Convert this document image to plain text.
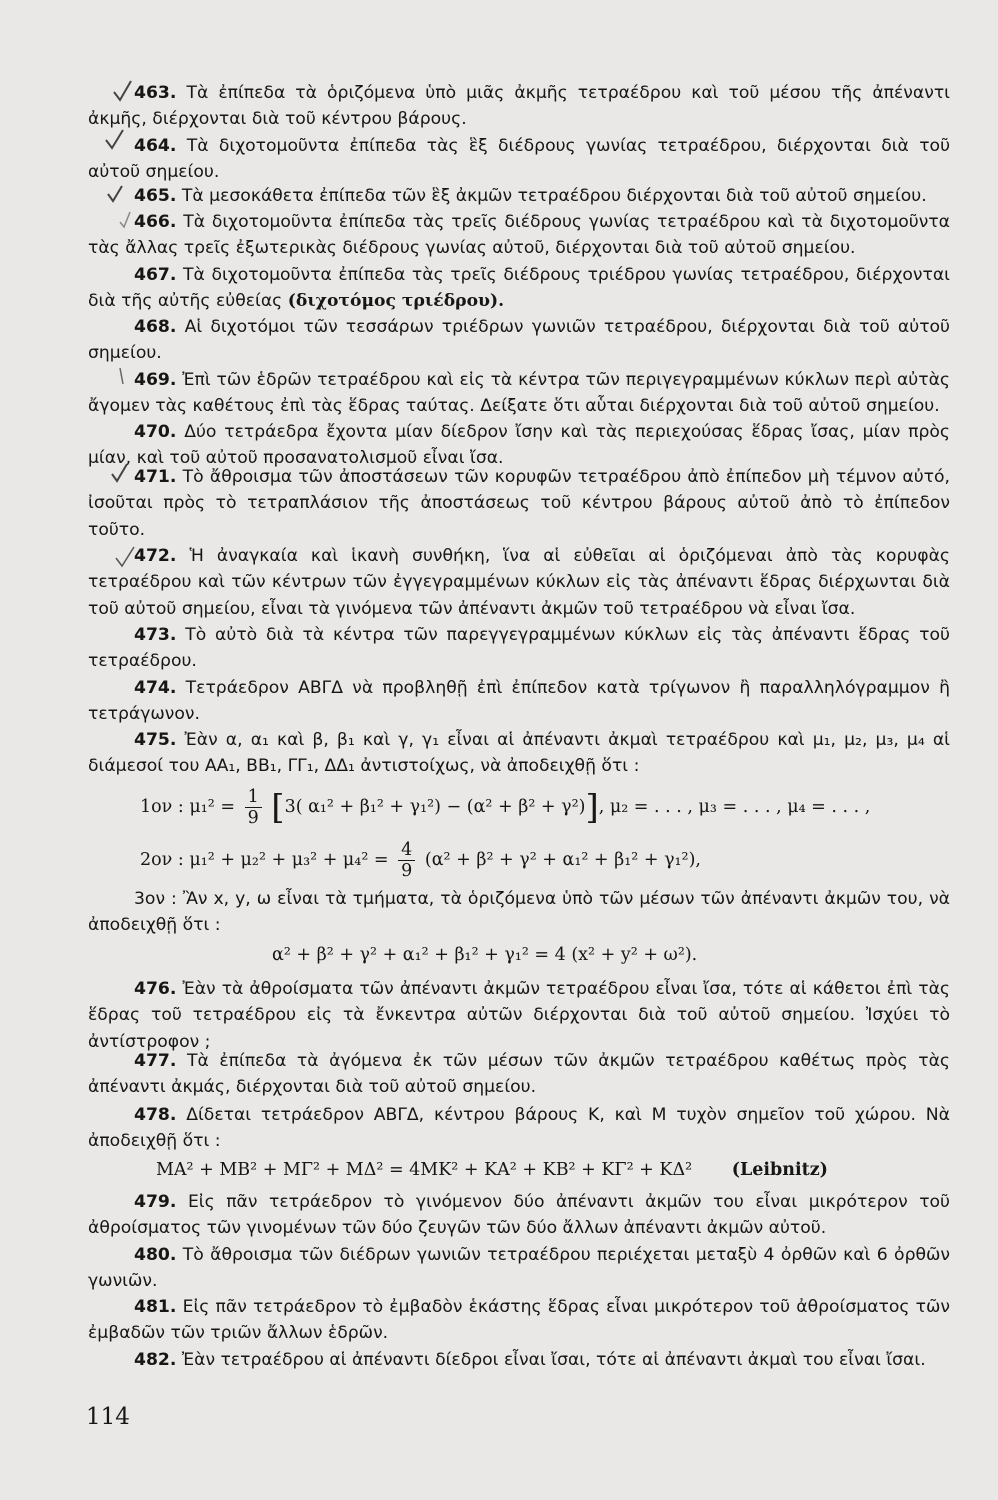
463. Τὰ ἐπίπεδα τὰ ὁριζόμενα ὑπὸ μιᾶς ἀκμῆς τετραέδρου καὶ τοῦ μέσου τῆς ἀπέναντι ἀκμῆς, διέρχονται διὰ τοῦ κέντρου βάρους.

464. Τὰ διχοτομοῦντα ἐπίπεδα τὰς ἓξ διέδρους γωνίας τετραέδρου, διέρχονται διὰ τοῦ αὐτοῦ σημείου.

465. Τὰ μεσοκάθετα ἐπίπεδα τῶν ἓξ ἀκμῶν τετραέδρου διέρχονται διὰ τοῦ αὐτοῦ σημείου.

466. Τὰ διχοτομοῦντα ἐπίπεδα τὰς τρεῖς διέδρους γωνίας τετραέδρου καὶ τὰ διχοτομοῦντα τὰς ἄλλας τρεῖς ἐξωτερικὰς διέδρους γωνίας αὐτοῦ, διέρχονται διὰ τοῦ αὐτοῦ σημείου.

467. Τὰ διχοτομοῦντα ἐπίπεδα τὰς τρεῖς διέδρους τριέδρου γωνίας τετραέδρου, διέρχονται διὰ τῆς αὐτῆς εὐθείας (διχοτόμος τριέδρου).

468. Αἱ διχοτόμοι τῶν τεσσάρων τριέδρων γωνιῶν τετραέδρου, διέρχονται διὰ τοῦ αὐτοῦ σημείου.

469. Ἐπὶ τῶν ἑδρῶν τετραέδρου καὶ εἰς τὰ κέντρα τῶν περιγεγραμμένων κύκλων περὶ αὐτὰς ἄγομεν τὰς καθέτους ἐπὶ τὰς ἕδρας ταύτας. Δείξατε ὅτι αὗται διέρχονται διὰ τοῦ αὐτοῦ σημείου.

470. Δύο τετράεδρα ἔχοντα μίαν δίεδρον ἴσην καὶ τὰς περιεχούσας ἕδρας ἴσας, μίαν πρὸς μίαν, καὶ τοῦ αὐτοῦ προσανατολισμοῦ εἶναι ἴσα.

471. Τὸ ἄθροισμα τῶν ἀποστάσεων τῶν κορυφῶν τετραέδρου ἀπὸ ἐπίπεδον μὴ τέμνον αὐτό, ἰσοῦται πρὸς τὸ τετραπλάσιον τῆς ἀποστάσεως τοῦ κέντρου βάρους αὐτοῦ ἀπὸ τὸ ἐπίπεδον τοῦτο.

472. Ἡ ἀναγκαία καὶ ἱκανὴ συνθήκη, ἵνα αἱ εὐθεῖαι αἱ ὁριζόμεναι ἀπὸ τὰς κορυφὰς τετραέδρου καὶ τῶν κέντρων τῶν ἐγγεγραμμένων κύκλων εἰς τὰς ἀπέναντι ἕδρας διέρχωνται διὰ τοῦ αὐτοῦ σημείου, εἶναι τὰ γινόμενα τῶν ἀπέναντι ἀκμῶν τοῦ τετραέδρου νὰ εἶναι ἴσα.

473. Τὸ αὐτὸ διὰ τὰ κέντρα τῶν παρεγγεγραμμένων κύκλων εἰς τὰς ἀπέναντι ἕδρας τοῦ τετραέδρου.

474. Τετράεδρον ΑΒΓΔ νὰ προβληθῇ ἐπὶ ἐπίπεδον κατὰ τρίγωνον ἢ παραλληλόγραμμον ἢ τετράγωνον.

475. Ἐὰν α, α₁ καὶ β, β₁ καὶ γ, γ₁ εἶναι αἱ ἀπέναντι ἀκμαὶ τετραέδρου καὶ μ₁, μ₂, μ₃, μ₄ αἱ διάμεσοί του ΑΑ₁, ΒΒ₁, ΓΓ₁, ΔΔ₁ ἀντιστοίχως, νὰ ἀποδειχθῇ ὅτι :

1ον : $\mu_1^2 = \frac{1}{9} [3$( α₁² + β₁² + γ₁²) − (α² + β² + γ²)], μ₂ = . . . , μ₃ = . . . , μ₄ = . . . ,
2ον : $\mu_1^2 + \mu_2^2 + \mu_3^2 + \mu_4^2 = \frac{4}{9} (\alpha^2 + \beta^2 + \gamma^2 + \alpha_1^2 + \beta_1^2 + \gamma_1^2)$,

3ον : Ἂν x, y, ω εἶναι τὰ τμήματα, τὰ ὁριζόμενα ὑπὸ τῶν μέσων τῶν ἀπέναντι ἀκμῶν του, νὰ ἀποδειχθῇ ὅτι :

α² + β² + γ² + α₁² + β₁² + γ₁² = 4 (x² + y² + ω²).

476. Ἐὰν τὰ ἀθροίσματα τῶν ἀπέναντι ἀκμῶν τετραέδρου εἶναι ἴσα, τότε αἱ κάθετοι ἐπὶ τὰς ἕδρας τοῦ τετραέδρου εἰς τὰ ἔνκεντρα αὐτῶν διέρχονται διὰ τοῦ αὐτοῦ σημείου. Ἰσχύει τὸ ἀντίστροφον ;

477. Τὰ ἐπίπεδα τὰ ἀγόμενα ἐκ τῶν μέσων τῶν ἀκμῶν τετραέδρου καθέτως πρὸς τὰς ἀπέναντι ἀκμάς, διέρχονται διὰ τοῦ αὐτοῦ σημείου.

478. Δίδεται τετράεδρον ΑΒΓΔ, κέντρου βάρους Κ, καὶ Μ τυχὸν σημεῖον τοῦ χώρου. Νὰ ἀποδειχθῇ ὅτι :

ΜΑ² + ΜΒ² + ΜΓ² + ΜΔ² = 4ΜΚ² + ΚΑ² + ΚΒ² + ΚΓ² + ΚΔ² (Leibnitz)

479. Εἰς πᾶν τετράεδρον τὸ γινόμενον δύο ἀπέναντι ἀκμῶν του εἶναι μικρότερον τοῦ ἀθροίσματος τῶν γινομένων τῶν δύο ζευγῶν τῶν δύο ἄλλων ἀπέναντι ἀκμῶν αὐτοῦ.

480. Τὸ ἄθροισμα τῶν διέδρων γωνιῶν τετραέδρου περιέχεται μεταξὺ 4 ὀρθῶν καὶ 6 ὀρθῶν γωνιῶν.

481. Εἰς πᾶν τετράεδρον τὸ ἐμβαδὸν ἑκάστης ἕδρας εἶναι μικρότερον τοῦ ἀθροίσματος τῶν ἐμβαδῶν τῶν τριῶν ἄλλων ἑδρῶν.

482. Ἐὰν τετραέδρου αἱ ἀπέναντι δίεδροι εἶναι ἴσαι, τότε αἱ ἀπέναντι ἀκμαὶ του εἶναι ἴσαι.

114
